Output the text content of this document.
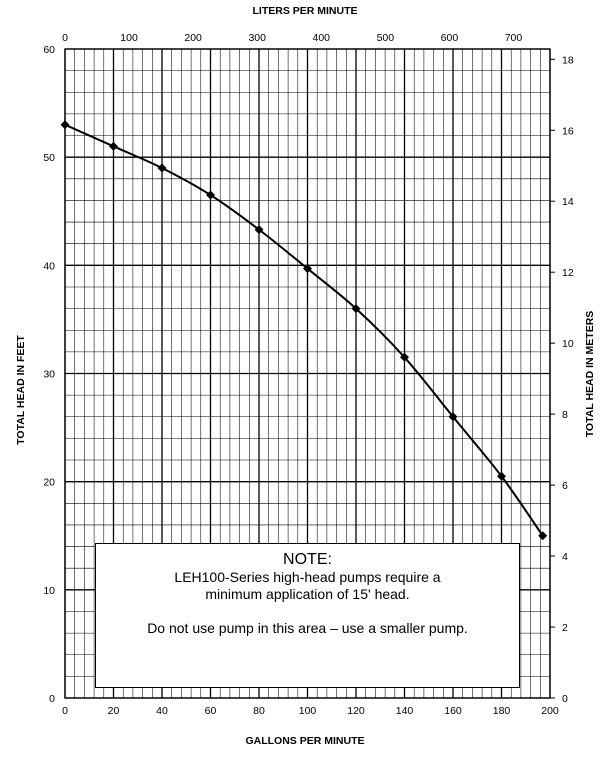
0	20	40	60	80	100	120	140	160	180	200
0
10
20
30
40
50
60
0	100	200	300	400	500	600	700
0
2
4
6
8
10
12
14
16
18
LITERS PER MINUTE
GALLONS PER MINUTE
TOTAL HEAD IN FEET	TOTAL HEAD IN METERS
NOTE:
LEH100-Series high-head pumps require a
minimum application of 15' head.
Do not use pump in this area – use a smaller pump.
